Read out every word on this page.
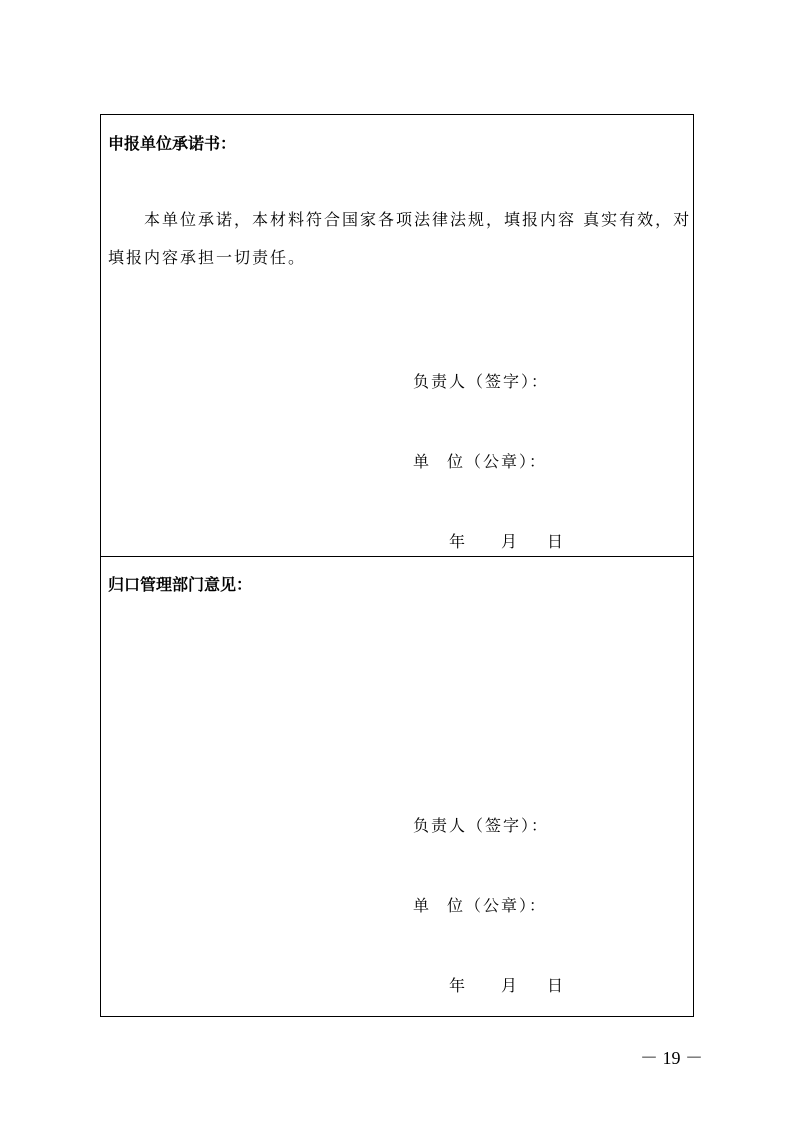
申报单位承诺书：
本单位承诺，本材料符合国家各项法律法规，填报内容 真实有效，对
填报内容承担一切责任。
负责人（签字）：
单 位（公章）：
年 月 日
归口管理部门意见：
负责人（签字）：
单 位（公章）：
年 月 日
－ 19 －
